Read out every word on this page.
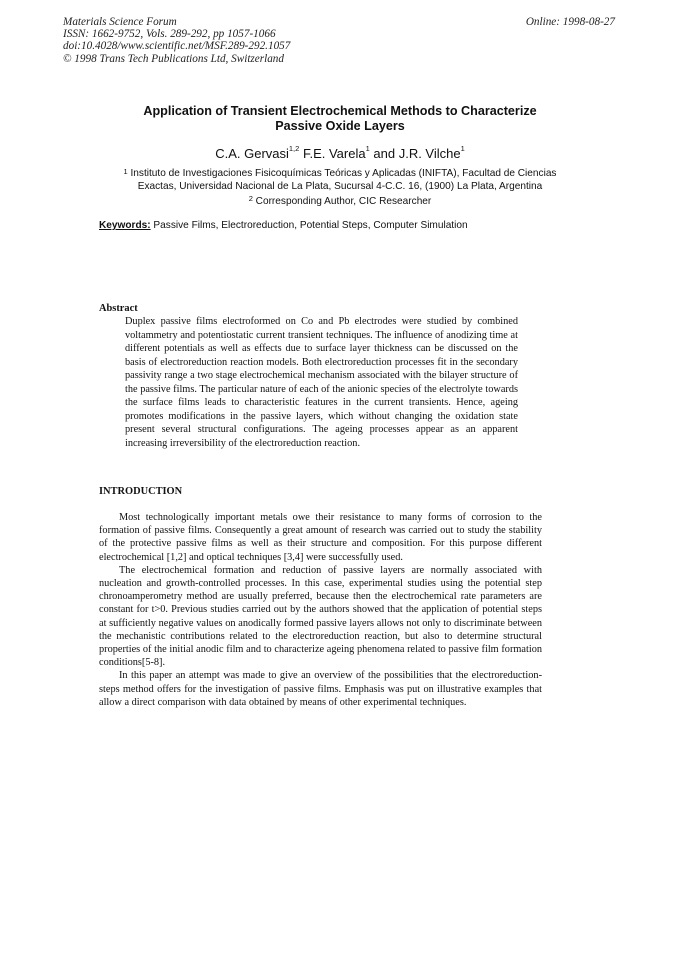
Materials Science Forum
ISSN: 1662-9752, Vols. 289-292, pp 1057-1066
doi:10.4028/www.scientific.net/MSF.289-292.1057
© 1998 Trans Tech Publications Ltd, Switzerland
Online: 1998-08-27
Application of Transient Electrochemical Methods to Characterize
Passive Oxide Layers
C.A. Gervasi$^{1,2}$ F.E. Varela$^1$ and J.R. Vilche$^1$
$^1$ Instituto de Investigaciones Fisicoquímicas Teóricas y Aplicadas (INIFTA), Facultad de Ciencias
Exactas, Universidad Nacional de La Plata, Sucursal 4-C.C. 16, (1900) La Plata, Argentina
$^2$ Corresponding Author, CIC Researcher
Keywords: Passive Films, Electroreduction, Potential Steps, Computer Simulation
Abstract

Duplex passive films electroformed on Co and Pb electrodes were studied by combined voltammetry and potentiostatic current transient techniques. The influence of anodizing time at different potentials as well as effects due to surface layer thickness can be discussed on the basis of electroreduction reaction models. Both electroreduction processes fit in the secondary passivity range a two stage electrochemical mechanism associated with the bilayer structure of the passive films. The particular nature of each of the anionic species of the electrolyte towards the surface films leads to characteristic features in the current transients. Hence, ageing promotes modifications in the passive layers, which without changing the oxidation state present several structural configurations. The ageing processes appear as an apparent increasing irreversibility of the electroreduction reaction.

INTRODUCTION

Most technologically important metals owe their resistance to many forms of corrosion to the formation of passive films. Consequently a great amount of research was carried out to study the stability of the protective passive films as well as their structure and composition. For this purpose different electrochemical [1,2] and optical techniques [3,4] were successfully used.

The electrochemical formation and reduction of passive layers are normally associated with nucleation and growth-controlled processes. In this case, experimental studies using the potential step chronoamperometry method are usually preferred, because then the electrochemical rate parameters are constant for t>0. Previous studies carried out by the authors showed that the application of potential steps at sufficiently negative values on anodically formed passive layers allows not only to discriminate between the mechanistic contributions related to the electroreduction reaction, but also to determine structural properties of the initial anodic film and to characterize ageing phenomena related to passive film formation conditions[5-8].

In this paper an attempt was made to give an overview of the possibilities that the electroreduction-steps method offers for the investigation of passive films. Emphasis was put on illustrative examples that allow a direct comparison with data obtained by means of other experimental techniques.
